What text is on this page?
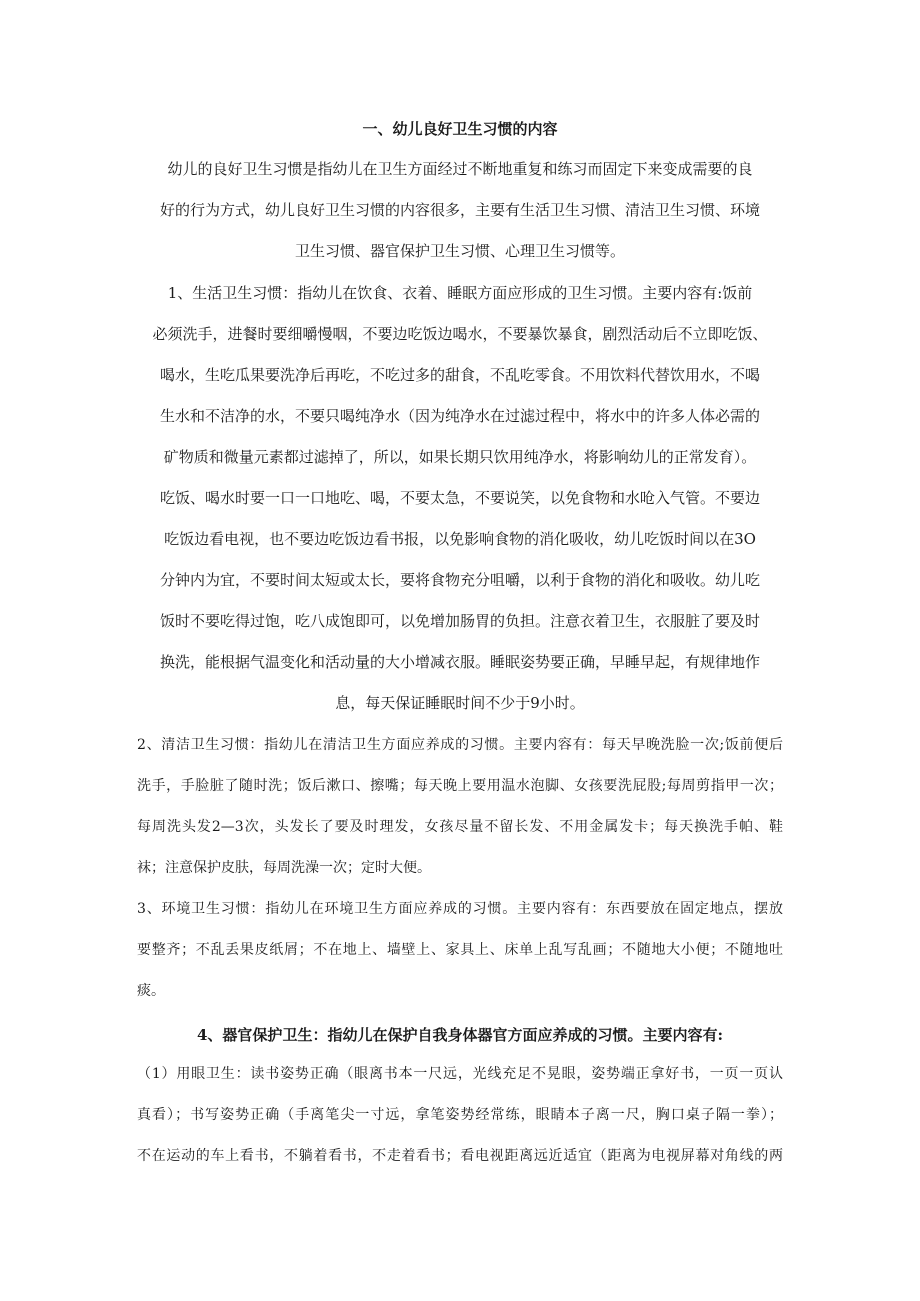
一、幼儿良好卫生习惯的内容

幼儿的良好卫生习惯是指幼儿在卫生方面经过不断地重复和练习而固定下来变成需要的良

好的行为方式，幼儿良好卫生习惯的内容很多，主要有生活卫生习惯、清洁卫生习惯、环境

卫生习惯、器官保护卫生习惯、心理卫生习惯等。

1、生活卫生习惯：指幼儿在饮食、衣着、睡眠方面应形成的卫生习惯。主要内容有:饭前

必须洗手，进餐时要细嚼慢咽，不要边吃饭边喝水，不要暴饮暴食，剧烈活动后不立即吃饭、

喝水，生吃瓜果要洗净后再吃，不吃过多的甜食，不乱吃零食。不用饮料代替饮用水，不喝

生水和不洁净的水，不要只喝纯净水（因为纯净水在过滤过程中，将水中的许多人体必需的

矿物质和微量元素都过滤掉了，所以，如果长期只饮用纯净水，将影响幼儿的正常发育）。

吃饭、喝水时要一口一口地吃、喝，不要太急，不要说笑，以免食物和水呛入气管。不要边

吃饭边看电视，也不要边吃饭边看书报，以免影响食物的消化吸收，幼儿吃饭时间以在3O

分钟内为宜，不要时间太短或太长，要将食物充分咀嚼，以利于食物的消化和吸收。幼儿吃

饭时不要吃得过饱，吃八成饱即可，以免增加肠胃的负担。注意衣着卫生，衣服脏了要及时

换洗，能根据气温变化和活动量的大小增减衣服。睡眠姿势要正确，早睡早起，有规律地作

息，每天保证睡眠时间不少于9小时。

2、清洁卫生习惯：指幼儿在清洁卫生方面应养成的习惯。主要内容有：每天早晚洗脸一次;饭前便后

洗手，手脸脏了随时洗；饭后漱口、擦嘴；每天晚上要用温水泡脚、女孩要洗屁股;每周剪指甲一次；

每周洗头发2—3次，头发长了要及时理发，女孩尽量不留长发、不用金属发卡；每天换洗手帕、鞋

袜；注意保护皮肤，每周洗澡一次；定时大便。

3、环境卫生习惯：指幼儿在环境卫生方面应养成的习惯。主要内容有：东西要放在固定地点，摆放

要整齐；不乱丢果皮纸屑；不在地上、墙壁上、家具上、床单上乱写乱画；不随地大小便；不随地吐

痰。

4、器官保护卫生：指幼儿在保护自我身体器官方面应养成的习惯。主要内容有:

（1）用眼卫生：读书姿势正确（眼离书本一尺远，光线充足不晃眼，姿势端正拿好书，一页一页认

真看）；书写姿势正确（手离笔尖一寸远，拿笔姿势经常练，眼睛本子离一尺，胸口桌子隔一拳）；

不在运动的车上看书，不躺着看书，不走着看书；看电视距离远近适宜（距离为电视屏幕对角线的两
